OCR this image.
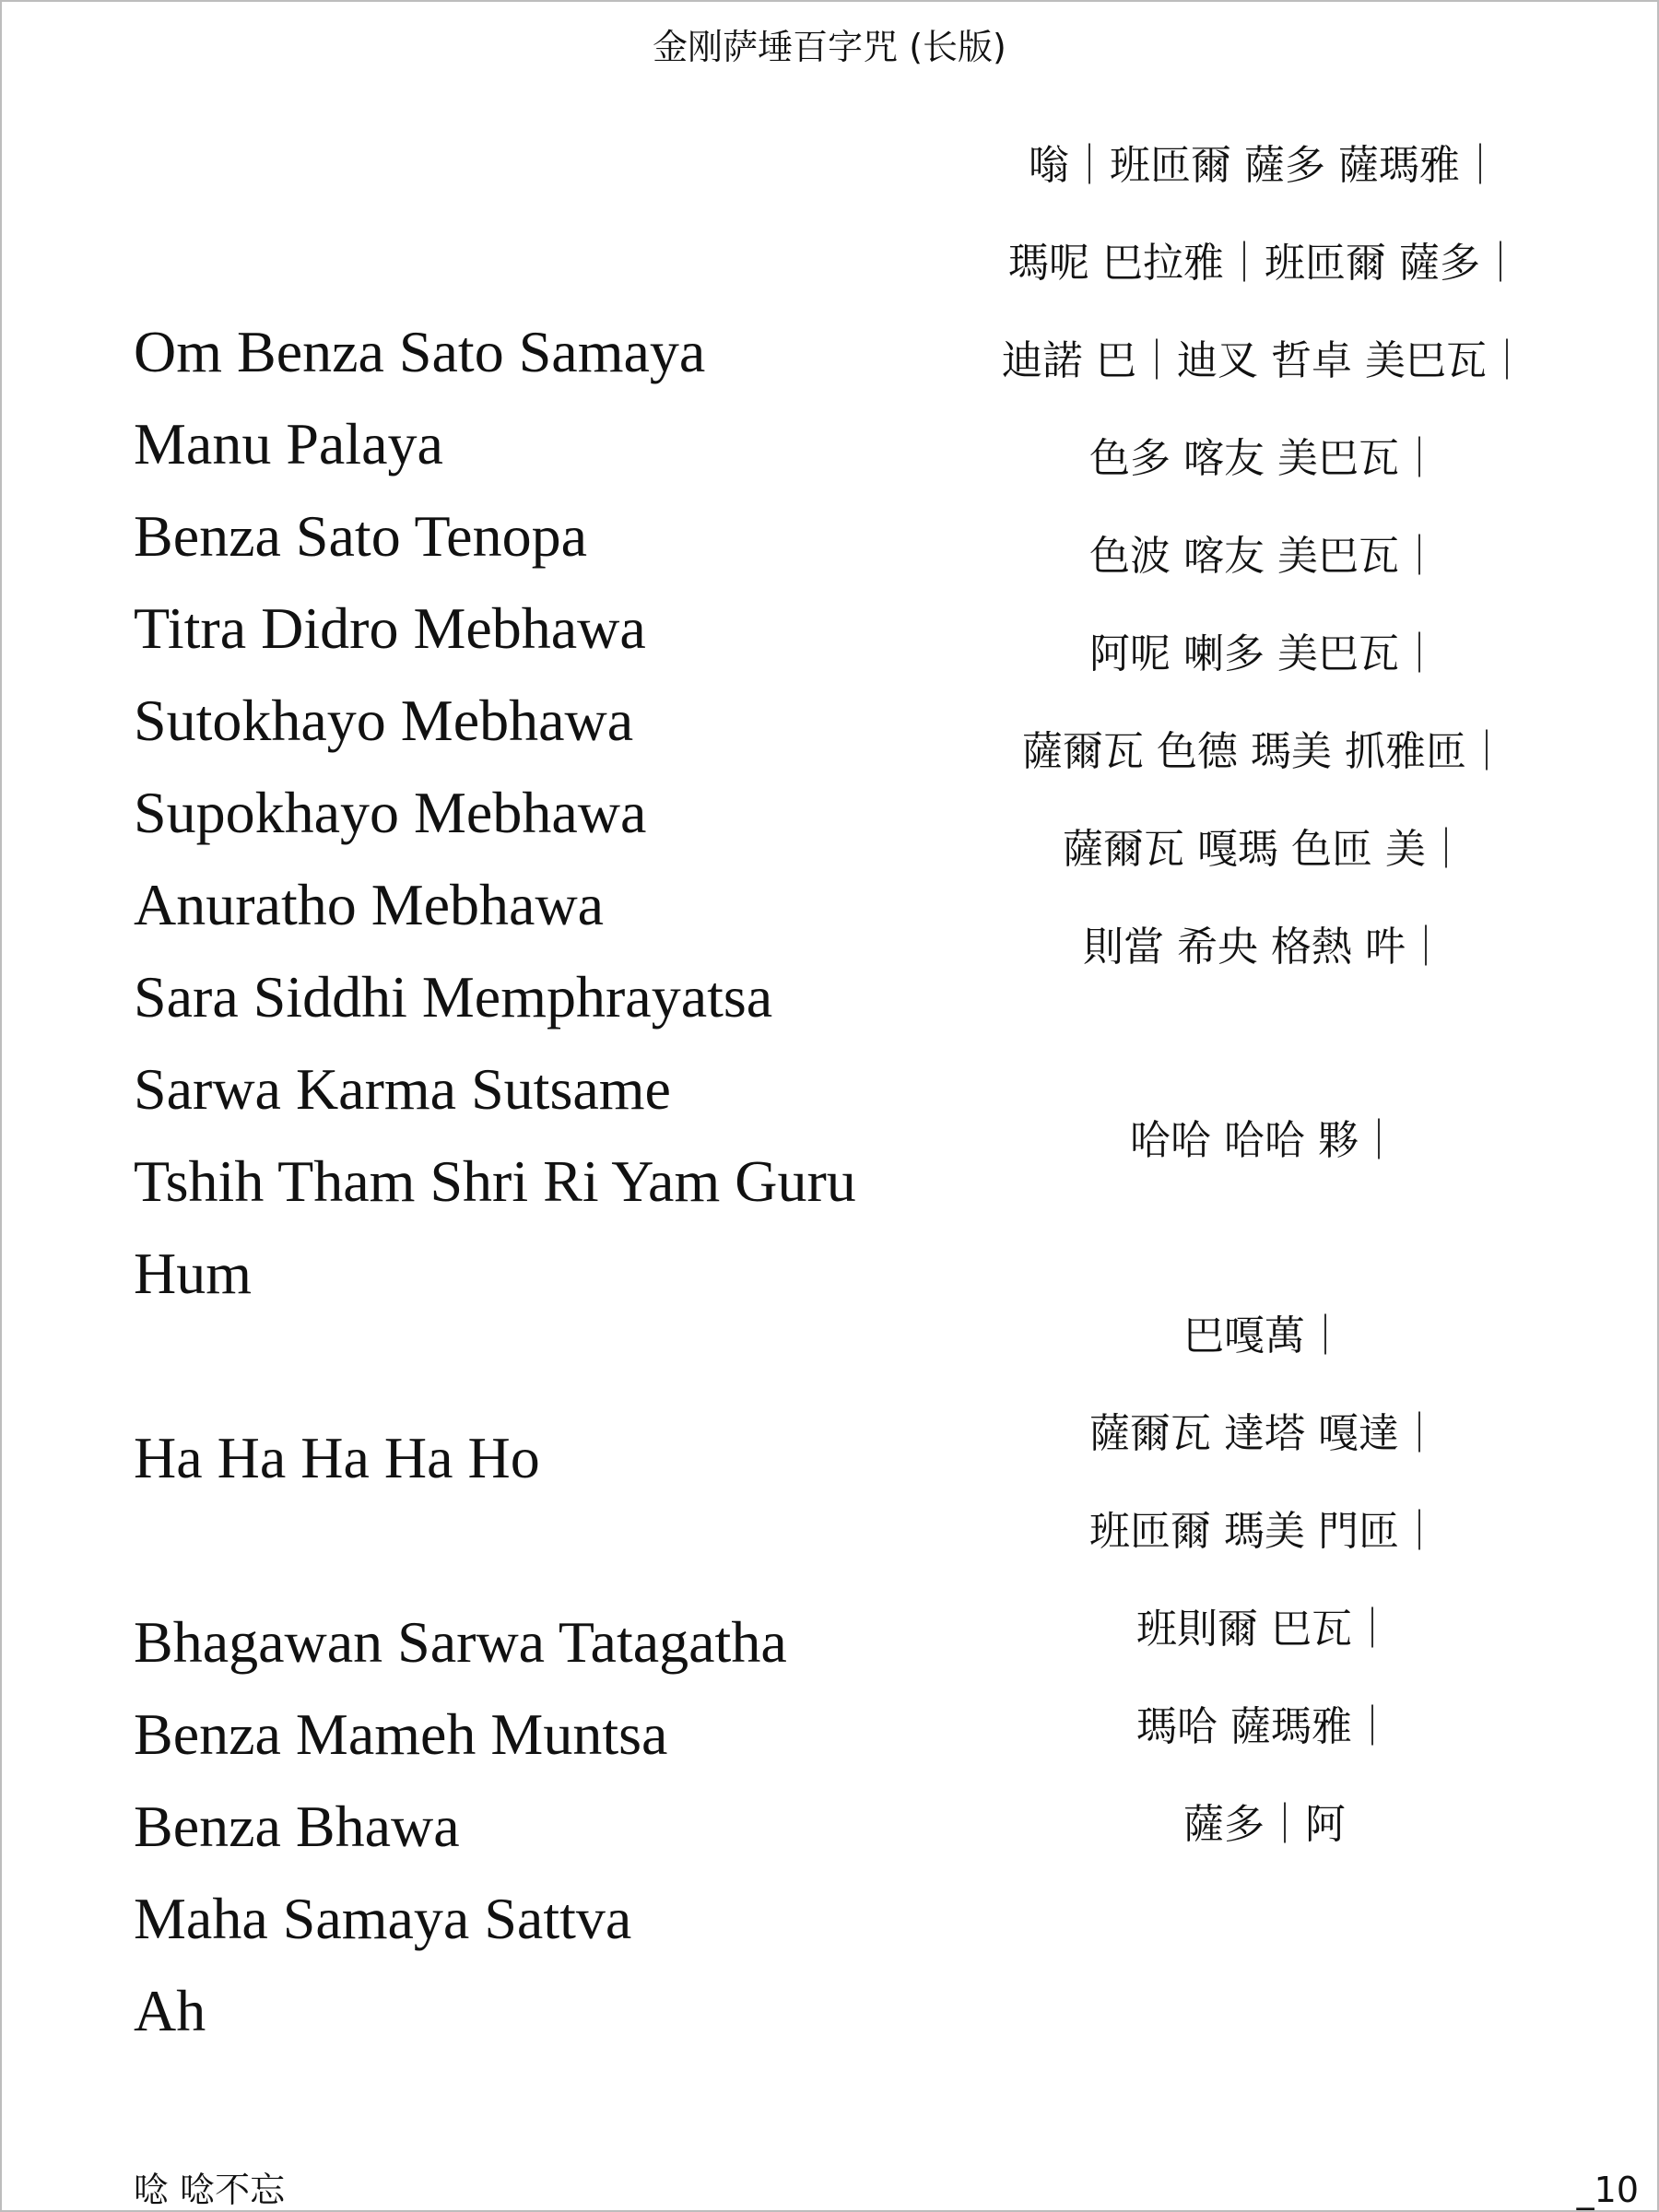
金刚萨埵百字咒 (长版)
Om Benza Sato Samaya
Manu Palaya
Benza Sato Tenopa
Titra Didro Mebhawa
Sutokhayo Mebhawa
Supokhayo Mebhawa
Anuratho Mebhawa
Sara Siddhi Memphrayatsa
Sarwa Karma Sutsame
Tshih Tham Shri Ri Yam Guru
Hum
Ha Ha Ha Ha Ho
Bhagawan Sarwa Tatagatha
Benza Mameh Muntsa
Benza Bhawa
Maha Samaya Sattva
Ah
嗡｜班匝爾 薩多 薩瑪雅｜
瑪呢 巴拉雅｜班匝爾 薩多｜
迪諾 巴｜迪叉 哲卓 美巴瓦｜
色多 喀友 美巴瓦｜
色波 喀友 美巴瓦｜
阿呢 喇多 美巴瓦｜
薩爾瓦 色德 瑪美 抓雅匝｜
薩爾瓦 嘎瑪 色匝 美｜
則當 希央 格熱 吽｜
哈哈 哈哈 夥｜
巴嘎萬｜
薩爾瓦 達塔 嘎達｜
班匝爾 瑪美 門匝｜
班則爾 巴瓦｜
瑪哈 薩瑪雅｜
薩多｜阿
唸 唸不忘	_10
